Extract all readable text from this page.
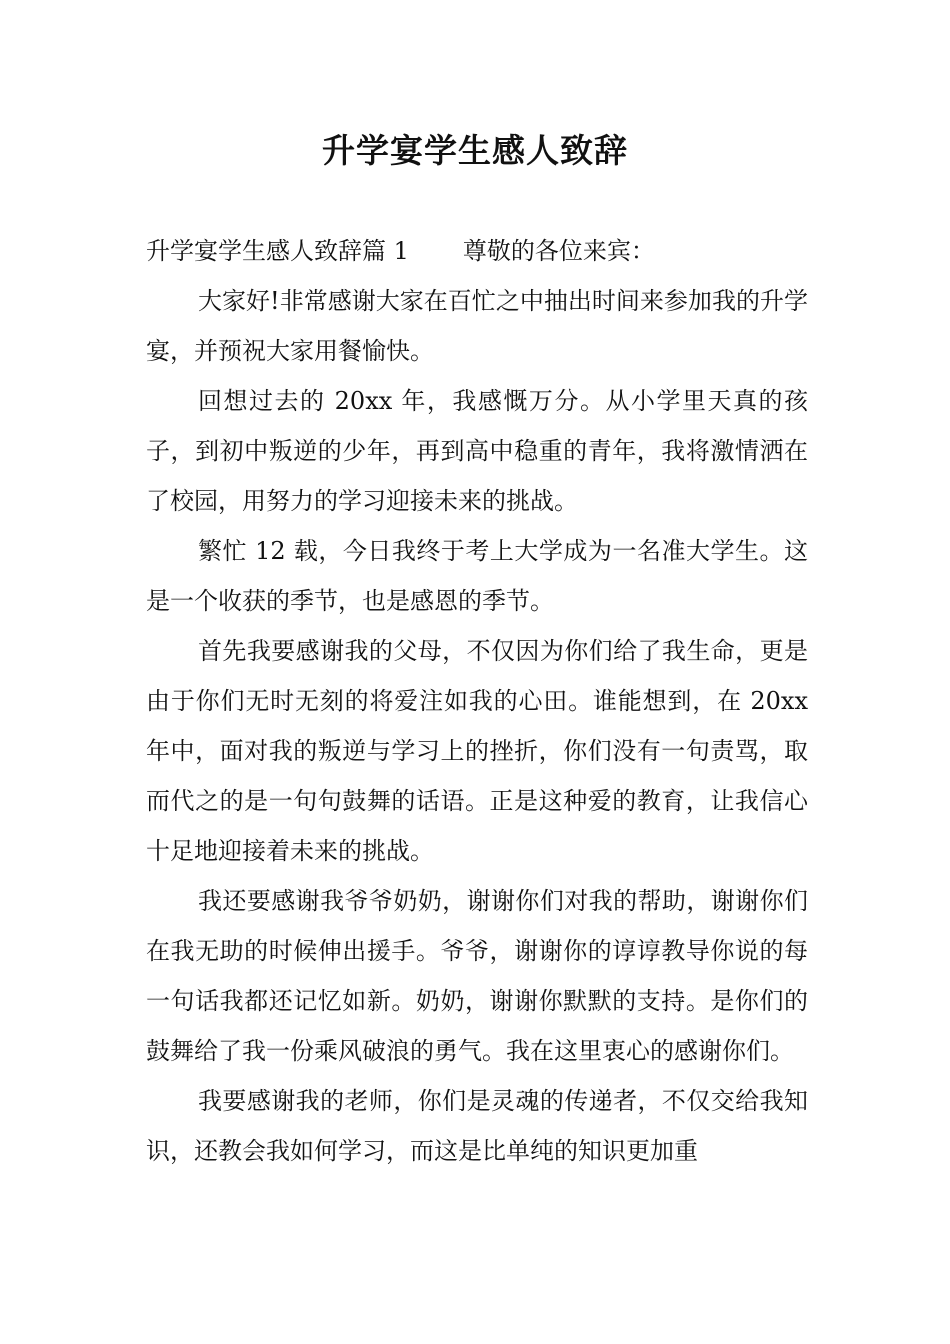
升学宴学生感人致辞

升学宴学生感人致辞篇 1 尊敬的各位来宾：

大家好!非常感谢大家在百忙之中抽出时间来参加我的升学宴，并预祝大家用餐愉快。

回想过去的 20xx 年，我感慨万分。从小学里天真的孩子，到初中叛逆的少年，再到高中稳重的青年，我将激情洒在了校园，用努力的学习迎接未来的挑战。

繁忙 12 载，今日我终于考上大学成为一名准大学生。这是一个收获的季节，也是感恩的季节。

首先我要感谢我的父母，不仅因为你们给了我生命，更是由于你们无时无刻的将爱注如我的心田。谁能想到，在 20xx 年中，面对我的叛逆与学习上的挫折，你们没有一句责骂，取而代之的是一句句鼓舞的话语。正是这种爱的教育，让我信心十足地迎接着未来的挑战。

我还要感谢我爷爷奶奶，谢谢你们对我的帮助，谢谢你们在我无助的时候伸出援手。爷爷，谢谢你的谆谆教导你说的每一句话我都还记忆如新。奶奶，谢谢你默默的支持。是你们的鼓舞给了我一份乘风破浪的勇气。我在这里衷心的感谢你们。

我要感谢我的老师，你们是灵魂的传递者，不仅交给我知识，还教会我如何学习，而这是比单纯的知识更加重
